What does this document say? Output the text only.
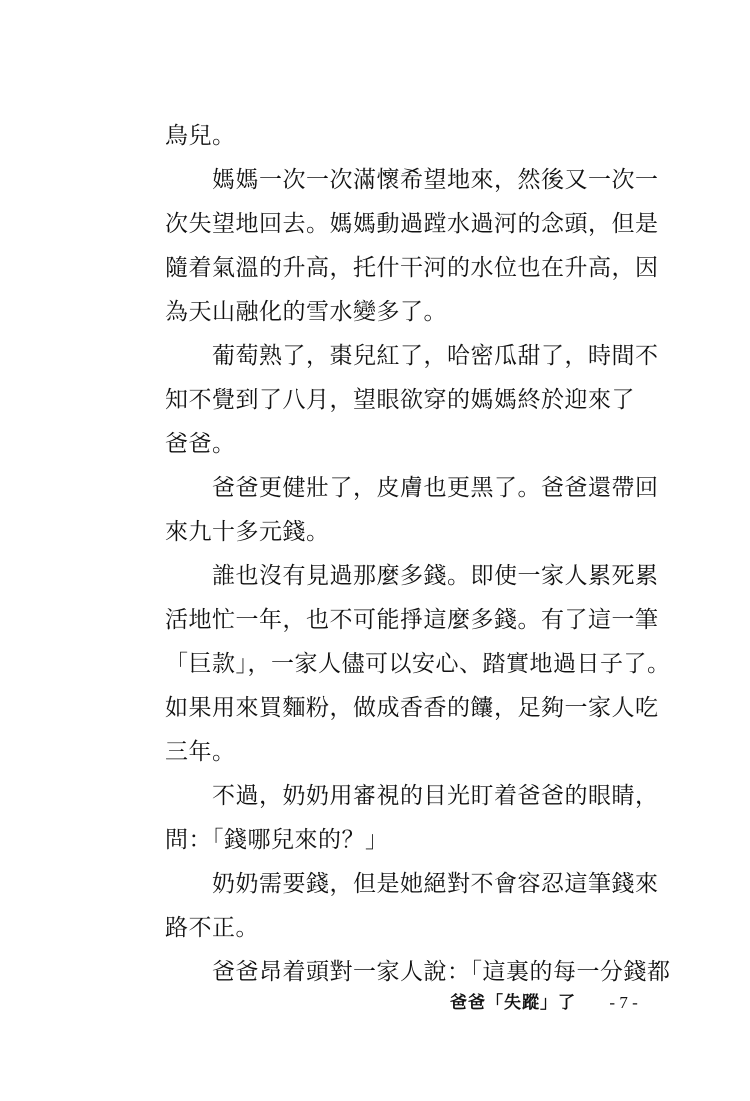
鳥兒。
　　媽媽一次一次滿懷希望地來，然後又一次一
次失望地回去。媽媽動過蹚水過河的念頭，但是
隨着氣溫的升高，托什干河的水位也在升高，因
為天山融化的雪水變多了。
　　葡萄熟了，棗兒紅了，哈密瓜甜了，時間不
知不覺到了八月，望眼欲穿的媽媽終於迎來了
爸爸。
　　爸爸更健壯了，皮膚也更黑了。爸爸還帶回
來九十多元錢。
　　誰也沒有見過那麼多錢。即使一家人累死累
活地忙一年，也不可能掙這麼多錢。有了這一筆
「巨款」，一家人儘可以安心、踏實地過日子了。
如果用來買麵粉，做成香香的饢，足夠一家人吃
三年。
　　不過，奶奶用審視的目光盯着爸爸的眼睛，
問：「錢哪兒來的？」
　　奶奶需要錢，但是她絕對不會容忍這筆錢來
路不正。
　　爸爸昂着頭對一家人說：「這裏的每一分錢都
爸爸「失蹤」了 - 7 -
